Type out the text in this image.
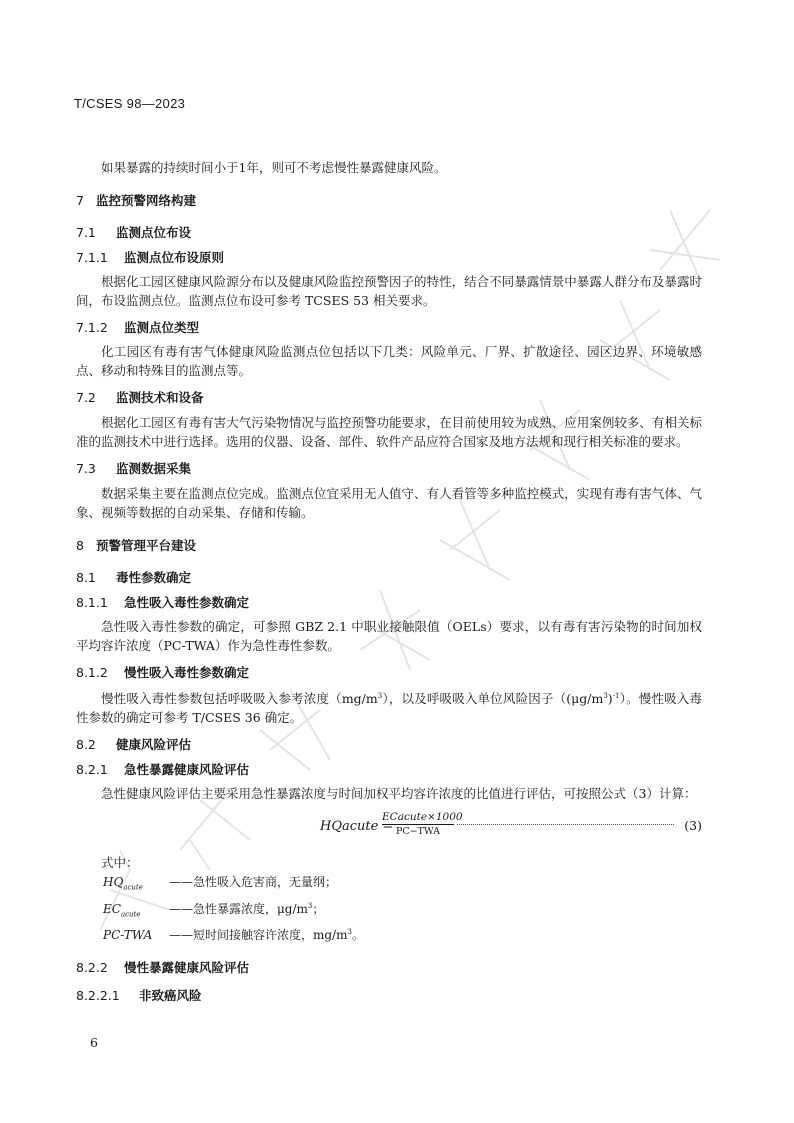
T/CSES 98—2023

如果暴露的持续时间小于1年，则可不考虑慢性暴露健康风险。

7 监控预警网络构建
7.1 监测点位布设
7.1.1 监测点位布设原则

根据化工园区健康风险源分布以及健康风险监控预警因子的特性，结合不同暴露情景中暴露人群分布及暴露时间，布设监测点位。监测点位布设可参考 TCSES 53 相关要求。

7.1.2 监测点位类型

化工园区有毒有害气体健康风险监测点位包括以下几类：风险单元、厂界、扩散途径、园区边界、环境敏感点、移动和特殊目的监测点等。

7.2 监测技术和设备

根据化工园区有毒有害大气污染物情况与监控预警功能要求，在目前使用较为成熟、应用案例较多、有相关标准的监测技术中进行选择。选用的仪器、设备、部件、软件产品应符合国家及地方法规和现行相关标准的要求。

7.3 监测数据采集

数据采集主要在监测点位完成。监测点位宜采用无人值守、有人看管等多种监控模式，实现有毒有害气体、气象、视频等数据的自动采集、存储和传输。

8 预警管理平台建设
8.1 毒性参数确定
8.1.1 急性吸入毒性参数确定

急性吸入毒性参数的确定，可参照 GBZ 2.1 中职业接触限值（OELs）要求，以有毒有害污染物的时间加权平均容许浓度（PC-TWA）作为急性毒性参数。

8.1.2 慢性吸入毒性参数确定

慢性吸入毒性参数包括呼吸吸入参考浓度$(mg/m^3)$，以及呼吸吸入单位风险因子$((\mu g/m^3)^{-1})$。慢性吸入毒性参数的确定可参考 T/CSES 36 确定。

8.2 健康风险评估
8.2.1 急性暴露健康风险评估

急性健康风险评估主要采用急性暴露浓度与时间加权平均容许浓度的比值进行评估，可按照公式（3）计算：

HQacute =
ECacute×1000
PC−TWA	(3)
式中：
$HQ_{acute}$ ——急性吸入危害商，无量纲；
$EC_{acute}$ ——急性暴露浓度，$\mu g/m^3$；
PC-TWA ——短时间接触容许浓度，$mg/m^3$。
8.2.2 慢性暴露健康风险评估
8.2.2.1 非致癌风险
6
